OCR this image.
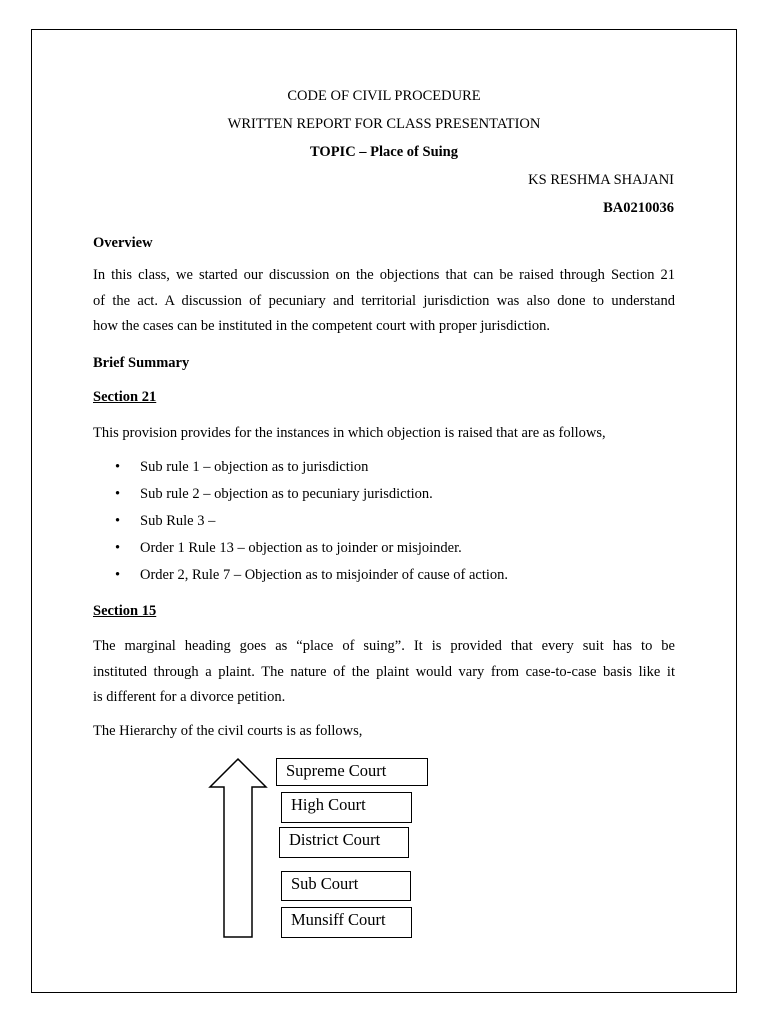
CODE OF CIVIL PROCEDURE
WRITTEN REPORT FOR CLASS PRESENTATION
TOPIC – Place of Suing
KS RESHMA SHAJANI
BA0210036
Overview
In this class, we started our discussion on the objections that can be raised through Section 21
of the act. A discussion of pecuniary and territorial jurisdiction was also done to understand
how the cases can be instituted in the competent court with proper jurisdiction.
Brief Summary
Section 21
This provision provides for the instances in which objection is raised that are as follows,
• Sub rule 1 – objection as to jurisdiction
• Sub rule 2 – objection as to pecuniary jurisdiction.
• Sub Rule 3 –
• Order 1 Rule 13 – objection as to joinder or misjoinder.
• Order 2, Rule 7 – Objection as to misjoinder of cause of action.
Section 15
The marginal heading goes as “place of suing”. It is provided that every suit has to be
instituted through a plaint. The nature of the plaint would vary from case-to-case basis like it
is different for a divorce petition.
The Hierarchy of the civil courts is as follows,
Supreme Court
High Court
District Court
Sub Court
Munsiff Court
